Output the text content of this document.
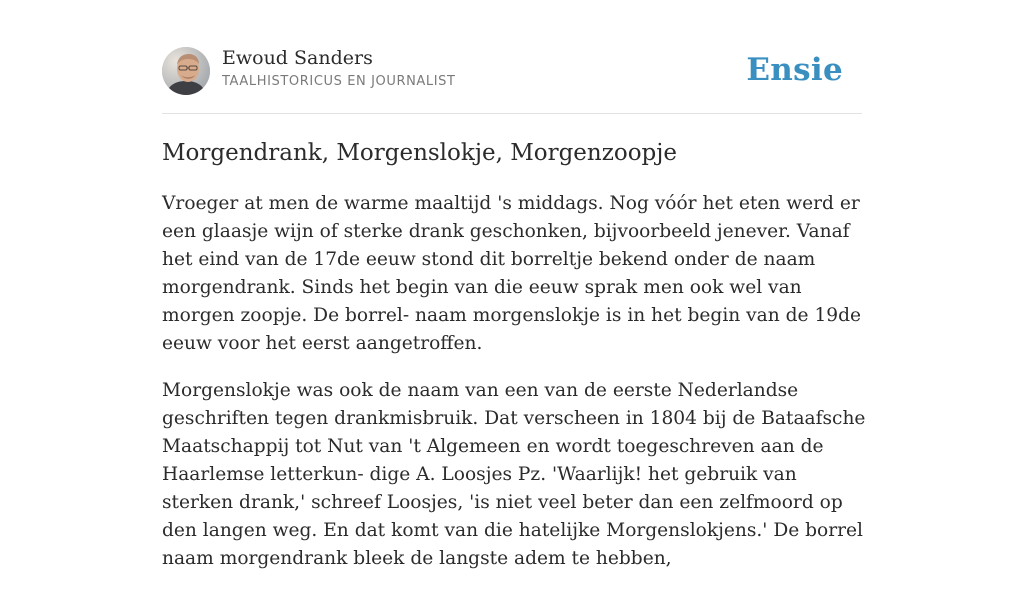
Ewoud Sanders
TAALHISTORICUS EN JOURNALIST	Ensie
Morgendrank, Morgenslokje, Morgenzoopje

Vroeger at men de warme maaltijd 's middags. Nog vóór het eten werd er een glaasje wijn of sterke drank geschonken, bijvoorbeeld jenever. Vanaf het eind van de 17de eeuw stond dit borreltje bekend onder de naam morgendrank. Sinds het begin van die eeuw sprak men ook wel van morgen zoopje. De borrel- naam morgenslokje is in het begin van de 19de eeuw voor het eerst aangetroffen.

Morgenslokje was ook de naam van een van de eerste Nederlandse geschriften tegen drankmisbruik. Dat verscheen in 1804 bij de Bataafsche Maatschappij tot Nut van 't Algemeen en wordt toegeschreven aan de Haarlemse letterkun- dige A. Loosjes Pz. 'Waarlijk! het gebruik van sterken drank,' schreef Loosjes, 'is niet veel beter dan een zelfmoord op den langen weg. En dat komt van die hatelijke Morgenslokjens.' De borrel naam morgendrank bleek de langste adem te hebben,
